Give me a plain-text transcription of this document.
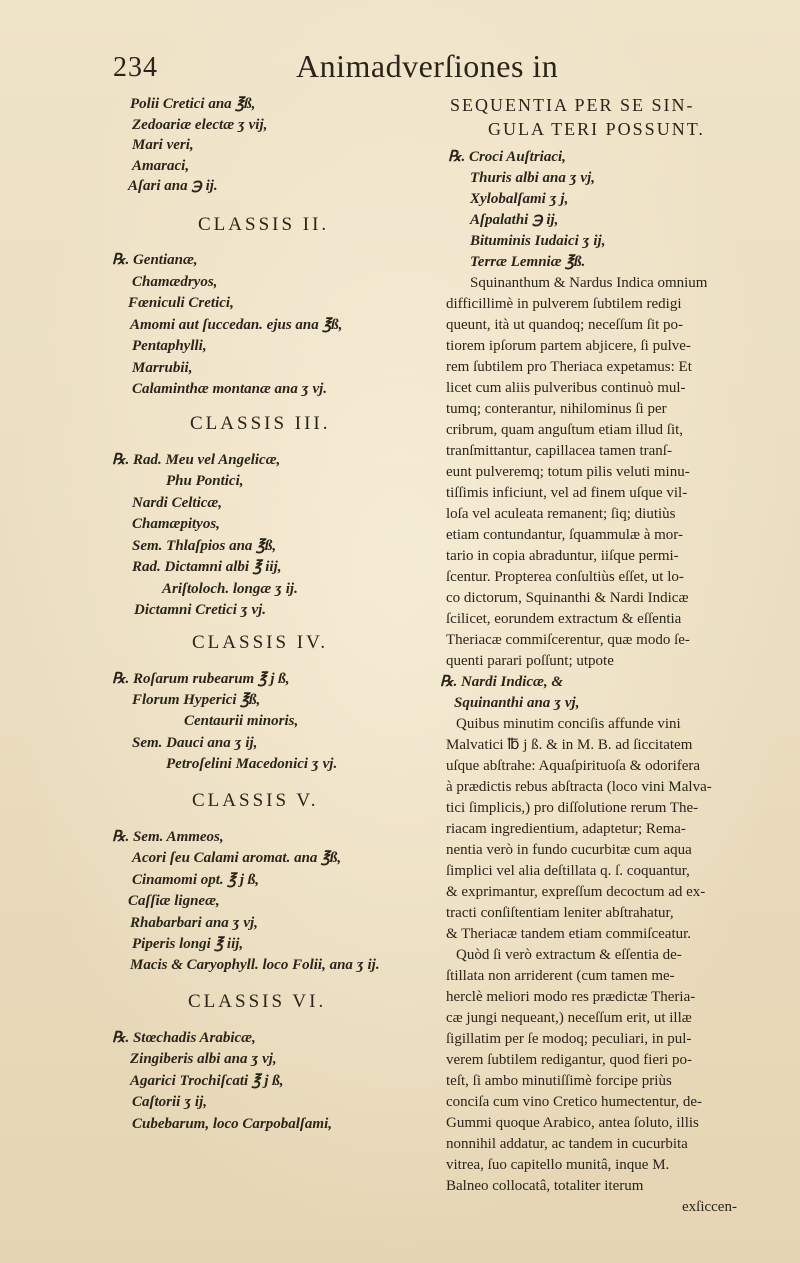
234	Animadverſiones in
Polii Cretici ana ℥ß,
Zedoariæ electæ ʒ vij,
Mari veri,
Amaraci,
Aſari ana ℈ ij.
CLASSIS II.
℞. Gentianæ,
Chamædryos,
Fœniculi Cretici,
Amomi aut ſuccedan. ejus ana ℥ß,
Pentaphylli,
Marrubii,
Calaminthæ montanæ ana ʒ vj.
CLASSIS III.
℞. Rad. Meu vel Angelicæ,
Phu Pontici,
Nardi Celticæ,
Chamæpityos,
Sem. Thlaſpios ana ℥ß,
Rad. Dictamni albi ℥ iij,
Ariſtoloch. longæ ʒ ij.
Dictamni Cretici ʒ vj.
CLASSIS IV.
℞. Roſarum rubearum ℥ j ß,
Florum Hyperici ℥ß,
Centaurii minoris,
Sem. Dauci ana ʒ ij,
Petroſelini Macedonici ʒ vj.
CLASSIS V.
℞. Sem. Ammeos,
Acori ſeu Calami aromat. ana ℥ß,
Cinamomi opt. ℥ j ß,
Caſſiæ ligneæ,
Rhabarbari ana ʒ vj,
Piperis longi ℥ iij,
Macis & Caryophyll. loco Folii, ana ʒ ij.
CLASSIS VI.
℞. Stœchadis Arabicæ,
Zingiberis albi ana ʒ vj,
Agarici Trochiſcati ℥ j ß,
Caſtorii ʒ ij,
Cubebarum, loco Carpobalſami,
SEQUENTIA PER SE SIN-
GULA TERI POSSUNT.
℞. Croci Auſtriaci,
Thuris albi ana ʒ vj,
Xylobalſami ʒ j,
Aſpalathi ℈ ij,
Bituminis Iudaici ʒ ij,
Terræ Lemniæ ℥ß.
Squinanthum & Nardus Indica omnium
difficillimè in pulverem ſubtilem redigi
queunt, ità ut quandoq; neceſſum ſit po-
tiorem ipſorum partem abjicere, ſi pulve-
rem ſubtilem pro Theriaca expetamus: Et
licet cum aliis pulveribus continuò mul-
tumq; conterantur, nihilominus ſi per
cribrum, quam anguſtum etiam illud ſit,
tranſmittantur, capillacea tamen tranſ-
eunt pulveremq; totum pilis veluti minu-
tiſſimis inficiunt, vel ad finem uſque vil-
loſa vel aculeata remanent; ſiq; diutiùs
etiam contundantur, ſquammulæ à mor-
tario in copia abraduntur, iiſque permi-
ſcentur. Propterea conſultiùs eſſet, ut lo-
co dictorum, Squinanthi & Nardi Indicæ
ſcilicet, eorundem extractum & eſſentia
Theriacæ commiſcerentur, quæ modo ſe-
quenti parari poſſunt; utpote
℞. Nardi Indicæ, &
Squinanthi ana ʒ vj,
Quibus minutim conciſis affunde vini
Malvatici ℔ j ß. & in M. B. ad ſiccitatem
uſque abſtrahe: Aquaſpirituoſa & odorifera
à prædictis rebus abſtracta (loco vini Malva-
tici ſimplicis,) pro diſſolutione rerum The-
riacam ingredientium, adaptetur; Rema-
nentia verò in fundo cucurbitæ cum aqua
ſimplici vel alia deſtillata q. ſ. coquantur,
& exprimantur, expreſſum decoctum ad ex-
tracti conſiſtentiam leniter abſtrahatur,
& Theriacæ tandem etiam commiſceatur.
Quòd ſi verò extractum & eſſentia de-
ſtillata non arriderent (cum tamen me-
herclè meliori modo res prædictæ Theria-
cæ jungi nequeant,) neceſſum erit, ut illæ
ſigillatim per ſe modoq; peculiari, in pul-
verem ſubtilem redigantur, quod fieri po-
teſt, ſi ambo minutiſſimè forcipe priùs
conciſa cum vino Cretico humectentur, de-
Gummi quoque Arabico, antea ſoluto, illis
nonnihil addatur, ac tandem in cucurbita
vitrea, ſuo capitello munitâ, inque M.
Balneo collocatâ, totaliter iterum
exſiccen-
